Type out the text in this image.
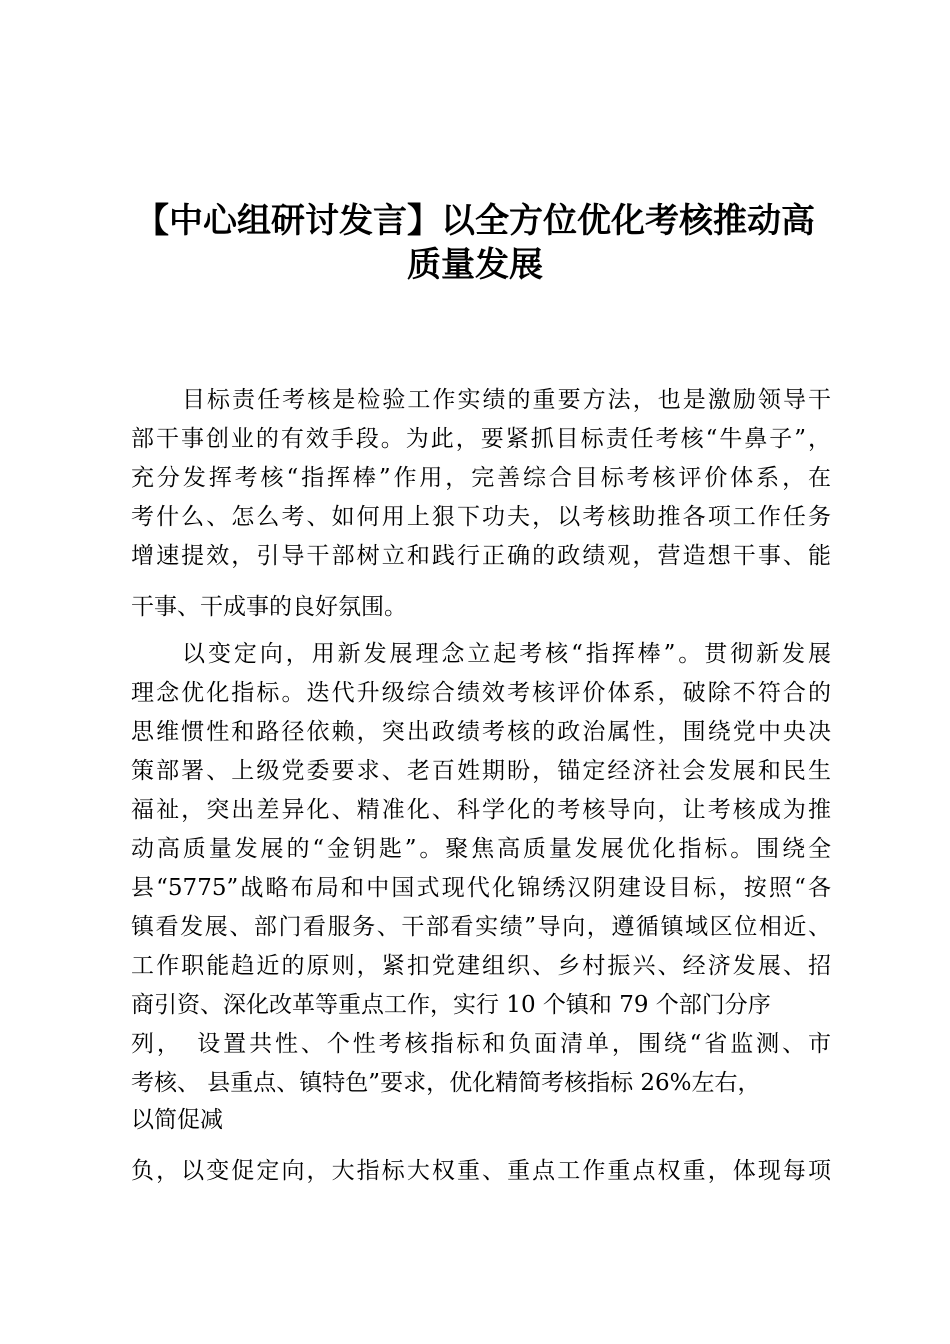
【中心组研讨发言】以全方位优化考核推动高
质量发展
目标责任考核是检验工作实绩的重要方法，也是激励领导干
部干事创业的有效手段。为此，要紧抓目标责任考核“牛鼻子”，
充分发挥考核“指挥棒”作用，完善综合目标考核评价体系，在
考什么、怎么考、如何用上狠下功夫，以考核助推各项工作任务
增速提效，引导干部树立和践行正确的政绩观，营造想干事、能
干事、干成事的良好氛围。
以变定向，用新发展理念立起考核“指挥棒”。贯彻新发展
理念优化指标。迭代升级综合绩效考核评价体系，破除不符合的
思维惯性和路径依赖，突出政绩考核的政治属性，围绕党中央决
策部署、上级党委要求、老百姓期盼，锚定经济社会发展和民生
福祉，突出差异化、精准化、科学化的考核导向，让考核成为推
动高质量发展的“金钥匙”。聚焦高质量发展优化指标。围绕全
县“5775”战略布局和中国式现代化锦绣汉阴建设目标，按照“各
镇看发展、部门看服务、干部看实绩”导向，遵循镇域区位相近、
工作职能趋近的原则，紧扣党建组织、乡村振兴、经济发展、招
商引资、深化改革等重点工作，实行 10 个镇和 79 个部门分序
列，　设置共性、个性考核指标和负面清单，围绕“省监测、市
考核、 县重点、镇特色”要求，优化精简考核指标 26%左右，
以简促减
负，以变促定向，大指标大权重、重点工作重点权重，体现每项
